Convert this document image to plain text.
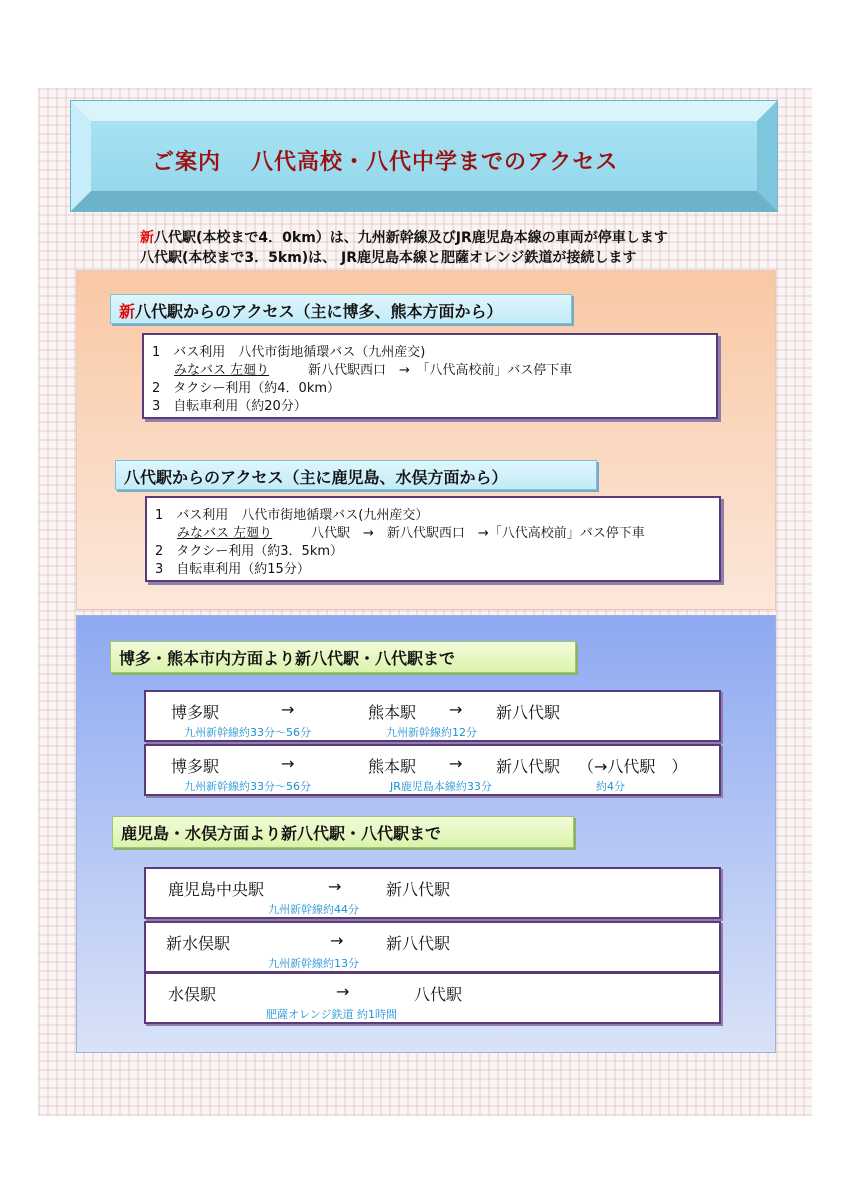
ご案内 八代高校・八代中学までのアクセス
新八代駅(本校まで4．0km）は、九州新幹線及びJR鹿児島本線の車両が停車します
八代駅(本校まで3．5km)は、 JR鹿児島本線と肥薩オレンジ鉄道が接続します
新八代駅からのアクセス（主に博多、熊本方面から）
1　バス利用　八代市街地循環バス（九州産交)
みなバス 左廻り	新八代駅西口　→　「八代高校前」バス停下車
2　タクシー利用（約4．0km）
3　自転車利用（約20分）
八代駅からのアクセス（主に鹿児島、水俣方面から）
1　バス利用　八代市街地循環バス(九州産交）
みなバス 左廻り	八代駅　→　新八代駅西口　→「八代高校前」バス停下車
2　タクシー利用（約3．5km）
3　自転車利用（約15分）
博多・熊本市内方面より新八代駅・八代駅まで
博多駅	→	熊本駅 → 新八代駅
九州新幹線約33分〜56分	九州新幹線約12分
博多駅	→	熊本駅 → 新八代駅 （→八代駅　）
九州新幹線約33分〜56分	JR鹿児島本線約33分	約4分
鹿児島・水俣方面より新八代駅・八代駅まで
鹿児島中央駅	→	新八代駅
九州新幹線約44分
新水俣駅	→	新八代駅
九州新幹線約13分
水俣駅	→	八代駅
肥薩オレンジ鉄道 約1時間
